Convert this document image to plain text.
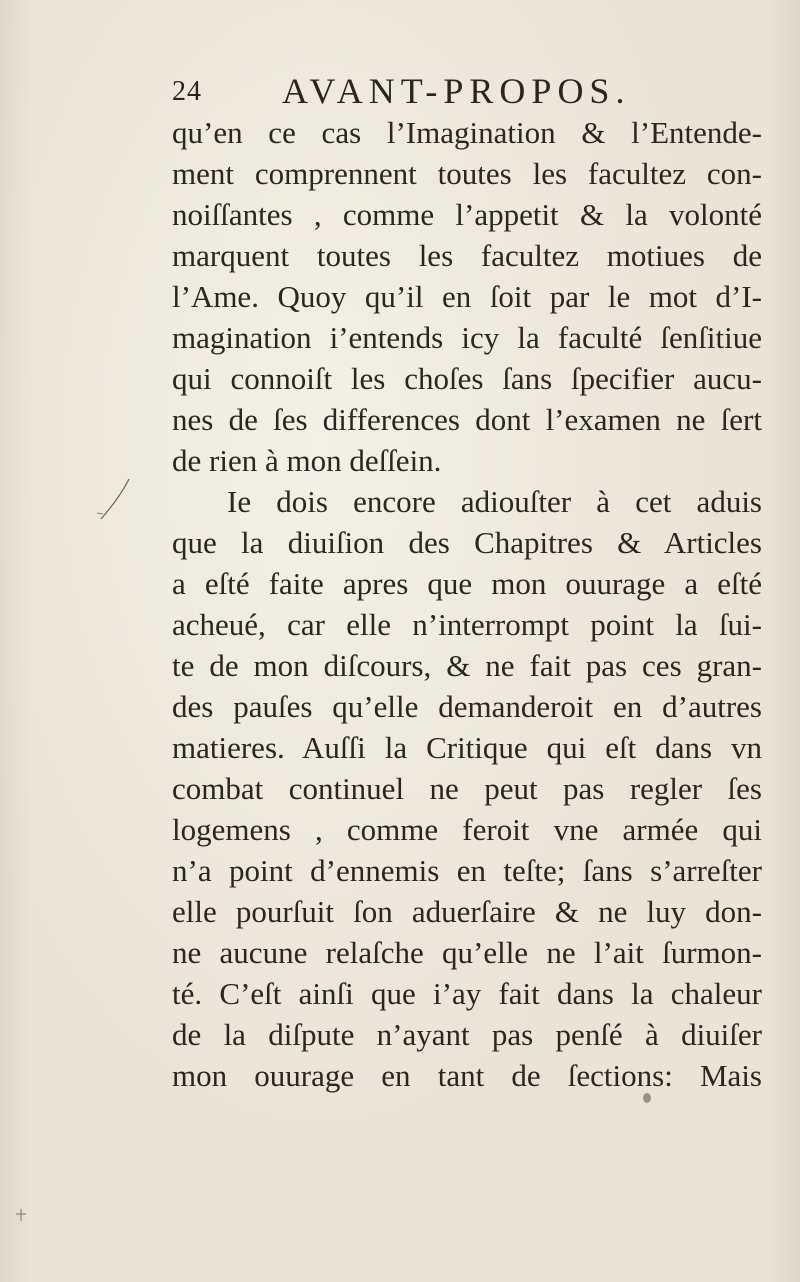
24 AVANT-PROPOS.
qu’en ce cas l’Imagination & l’Entende-
ment comprennent toutes les facultez con-
noiſſantes , comme l’appetit & la volonté
marquent toutes les facultez motiues de
l’Ame. Quoy qu’il en ſoit par le mot d’I-
magination i’entends icy la faculté ſenſitiue
qui connoiſt les choſes ſans ſpecifier aucu-
nes de ſes differences dont l’examen ne ſert
de rien à mon deſſein.
Ie dois encore adiouſter à cet aduis
que la diuiſion des Chapitres & Articles
a eſté faite apres que mon ouurage a eſté
acheué, car elle n’interrompt point la ſui-
te de mon diſcours, & ne fait pas ces gran-
des pauſes qu’elle demanderoit en d’autres
matieres. Auſſi la Critique qui eſt dans vn
combat continuel ne peut pas regler ſes
logemens , comme feroit vne armée qui
n’a point d’ennemis en teſte; ſans s’arreſter
elle pourſuit ſon aduerſaire & ne luy don-
ne aucune relaſche qu’elle ne l’ait ſurmon-
té. C’eſt ainſi que i’ay fait dans la chaleur
de la diſpute n’ayant pas penſé à diuiſer
mon ouurage en tant de ſections: Mais
